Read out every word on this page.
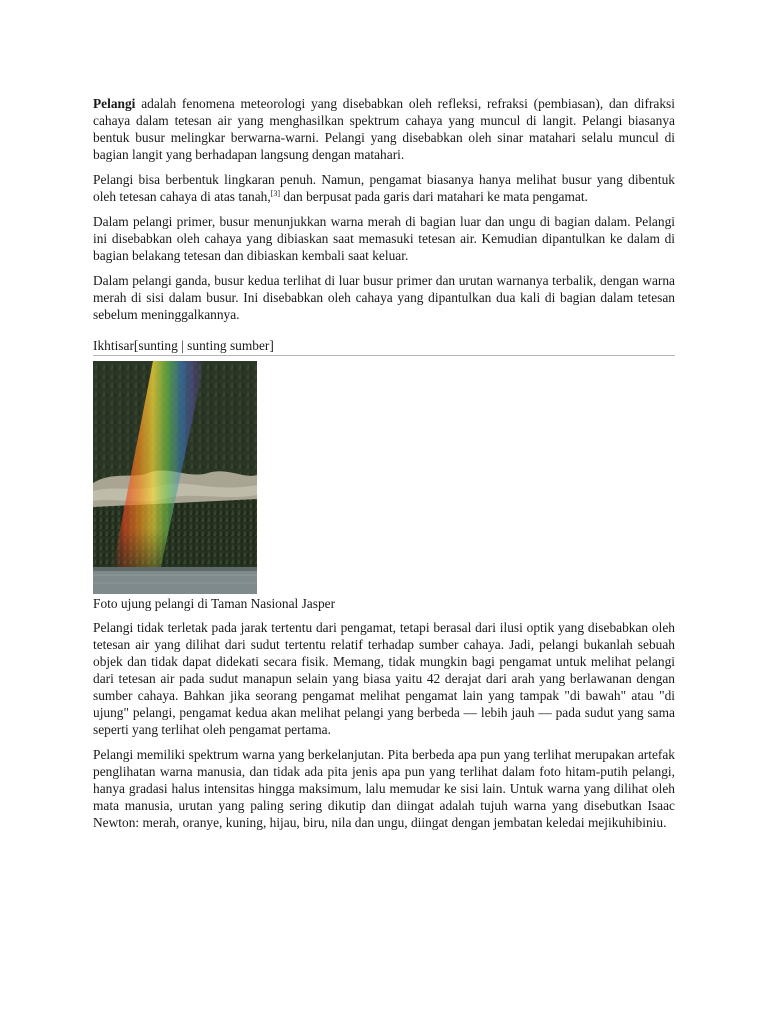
Pelangi adalah fenomena meteorologi yang disebabkan oleh refleksi, refraksi (pembiasan), dan difraksi cahaya dalam tetesan air yang menghasilkan spektrum cahaya yang muncul di langit. Pelangi biasanya bentuk busur melingkar berwarna-warni. Pelangi yang disebabkan oleh sinar matahari selalu muncul di bagian langit yang berhadapan langsung dengan matahari.

Pelangi bisa berbentuk lingkaran penuh. Namun, pengamat biasanya hanya melihat busur yang dibentuk oleh tetesan cahaya di atas tanah,[3] dan berpusat pada garis dari matahari ke mata pengamat.

Dalam pelangi primer, busur menunjukkan warna merah di bagian luar dan ungu di bagian dalam. Pelangi ini disebabkan oleh cahaya yang dibiaskan saat memasuki tetesan air. Kemudian dipantulkan ke dalam di bagian belakang tetesan dan dibiaskan kembali saat keluar.

Dalam pelangi ganda, busur kedua terlihat di luar busur primer dan urutan warnanya terbalik, dengan warna merah di sisi dalam busur. Ini disebabkan oleh cahaya yang dipantulkan dua kali di bagian dalam tetesan sebelum meninggalkannya.

Ikhtisar[sunting | sunting sumber]
Foto ujung pelangi di Taman Nasional Jasper

Pelangi tidak terletak pada jarak tertentu dari pengamat, tetapi berasal dari ilusi optik yang disebabkan oleh tetesan air yang dilihat dari sudut tertentu relatif terhadap sumber cahaya. Jadi, pelangi bukanlah sebuah objek dan tidak dapat didekati secara fisik. Memang, tidak mungkin bagi pengamat untuk melihat pelangi dari tetesan air pada sudut manapun selain yang biasa yaitu 42 derajat dari arah yang berlawanan dengan sumber cahaya. Bahkan jika seorang pengamat melihat pengamat lain yang tampak "di bawah" atau "di ujung" pelangi, pengamat kedua akan melihat pelangi yang berbeda — lebih jauh — pada sudut yang sama seperti yang terlihat oleh pengamat pertama.

Pelangi memiliki spektrum warna yang berkelanjutan. Pita berbeda apa pun yang terlihat merupakan artefak penglihatan warna manusia, dan tidak ada pita jenis apa pun yang terlihat dalam foto hitam-putih pelangi, hanya gradasi halus intensitas hingga maksimum, lalu memudar ke sisi lain. Untuk warna yang dilihat oleh mata manusia, urutan yang paling sering dikutip dan diingat adalah tujuh warna yang disebutkan Isaac Newton: merah, oranye, kuning, hijau, biru, nila dan ungu, diingat dengan jembatan keledai mejikuhibiniu.
